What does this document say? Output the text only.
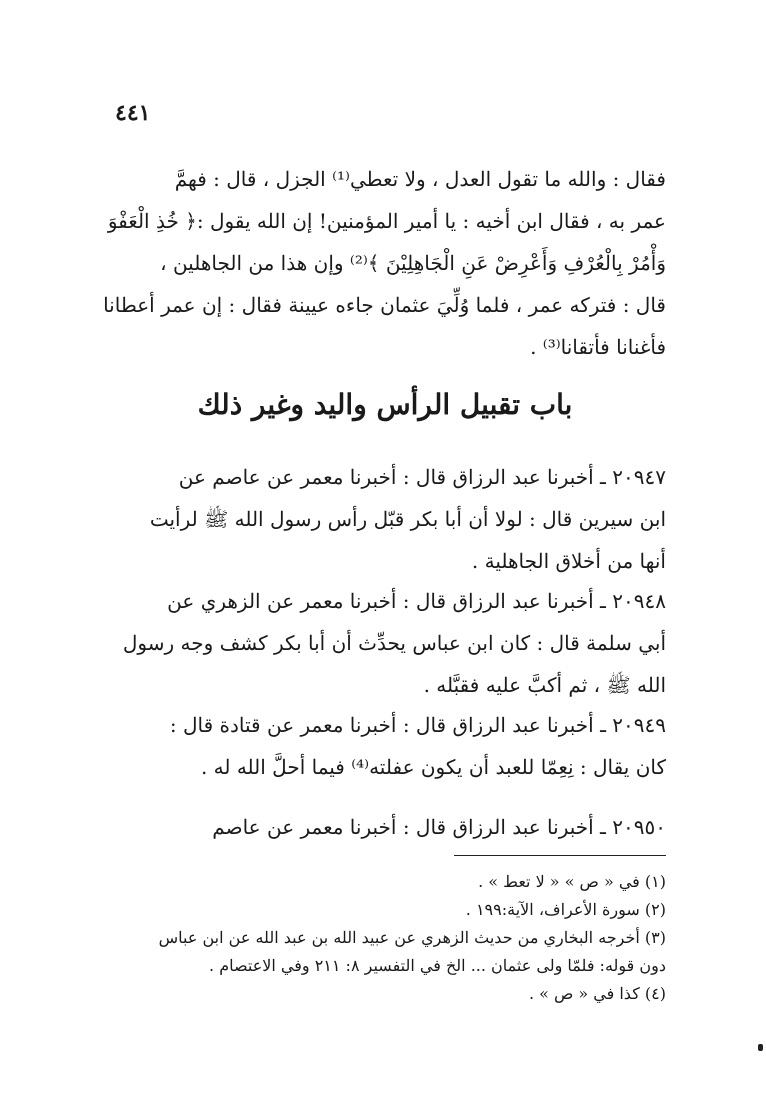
٤٤١
فقال : والله ما تقول العدل ، ولا تعطي⁽¹⁾ الجزل ، قال : فهمَّ
عمر به ، فقال ابن أخيه : يا أمير المؤمنين! إن الله يقول :﴿ خُذِ الْعَفْوَ
وَأْمُرْ بِالْعُرْفِ وَأَعْرِضْ عَنِ الْجَاهِلِيْنَ ﴾⁽²⁾ وإن هذا من الجاهلين ،
قال : فتركه عمر ، فلما وُلِّيَ عثمان جاءه عيينة فقال : إن عمر أعطانا
فأغنانا فأتقانا⁽³⁾ .
باب تقبيل الرأس واليد وغير ذلك
٢٠٩٤٧ ـ أخبرنا عبد الرزاق قال : أخبرنا معمر عن عاصم عن
ابن سيرين قال : لولا أن أبا بكر قبّل رأس رسول الله ﷺ لرأيت
أنها من أخلاق الجاهلية .
٢٠٩٤٨ ـ أخبرنا عبد الرزاق قال : أخبرنا معمر عن الزهري عن
أبي سلمة قال : كان ابن عباس يحدِّث أن أبا بكر كشف وجه رسول
الله ﷺ ، ثم أكبَّ عليه فقبَّله .
٢٠٩٤٩ ـ أخبرنا عبد الرزاق قال : أخبرنا معمر عن قتادة قال :
كان يقال : نِعِمّا للعبد أن يكون عفلته⁽⁴⁾ فيما أحلَّ الله له .
٢٠٩٥٠ ـ أخبرنا عبد الرزاق قال : أخبرنا معمر عن عاصم
(١) في « ص » « لا تعط » .
(٢) سورة الأعراف، الآية:١٩٩ .
(٣) أخرجه البخاري من حديث الزهري عن عبيد الله بن عبد الله عن ابن عباس
دون قوله: فلمّا ولى عثمان ... الخ في التفسير ٨: ٢١١ وفي الاعتصام .
(٤) كذا في « ص » .
